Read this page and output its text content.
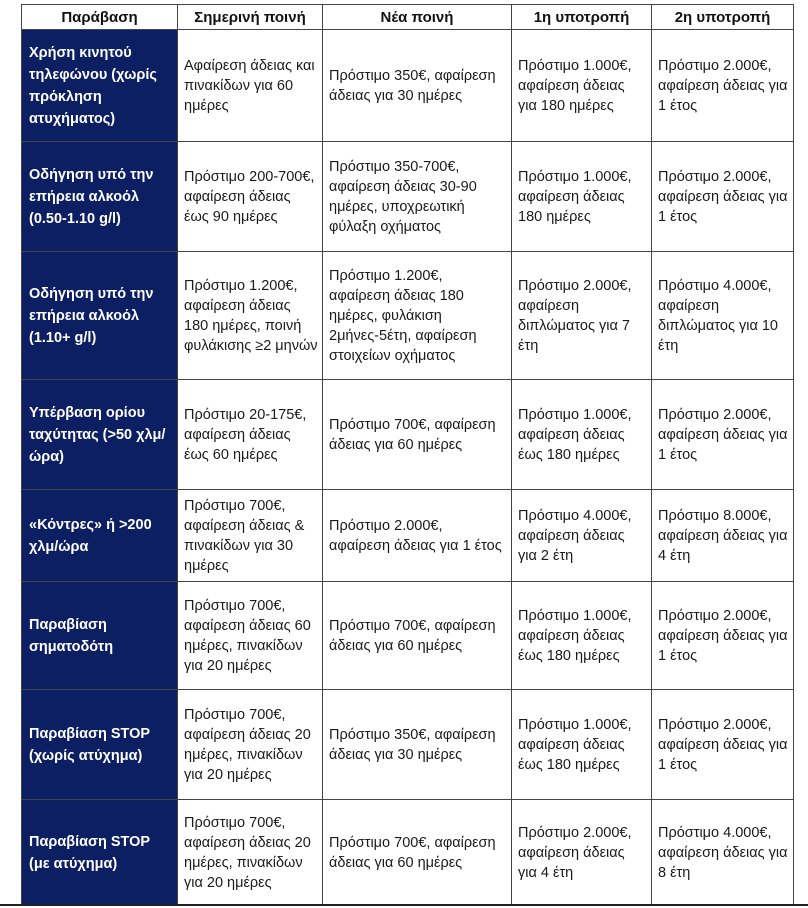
Παράβαση	Σημερινή ποινή	Νέα ποινή	1η υποτροπή	2η υποτροπή
Χρήση κινητού τηλεφώνου (χωρίς πρόκληση ατυχήματος)	Αφαίρεση άδειας και πινακίδων για 60 ημέρες	Πρόστιμο 350€, αφαίρεση άδειας για 30 ημέρες	Πρόστιμο 1.000€, αφαίρεση άδειας για 180 ημέρες	Πρόστιμο 2.000€, αφαίρεση άδειας για 1 έτος
Οδήγηση υπό την επήρεια αλκοόλ (0.50-1.10 g/l)	Πρόστιμο 200-700€, αφαίρεση άδειας έως 90 ημέρες	Πρόστιμο 350-700€, αφαίρεση άδειας 30-90 ημέρες, υποχρεωτική φύλαξη οχήματος	Πρόστιμο 1.000€, αφαίρεση άδειας 180 ημέρες	Πρόστιμο 2.000€, αφαίρεση άδειας για 1 έτος
Οδήγηση υπό την επήρεια αλκοόλ (1.10+ g/l)	Πρόστιμο 1.200€, αφαίρεση άδειας 180 ημέρες, ποινή φυλάκισης ≥2 μηνών	Πρόστιμο 1.200€, αφαίρεση άδειας 180 ημέρες, φυλάκιση 2μήνες-5έτη, αφαίρεση στοιχείων οχήματος	Πρόστιμο 2.000€, αφαίρεση διπλώματος για 7 έτη	Πρόστιμο 4.000€, αφαίρεση διπλώματος για 10 έτη
Υπέρβαση ορίου ταχύτητας (>50 χλμ/ώρα)	Πρόστιμο 20-175€, αφαίρεση άδειας έως 60 ημέρες	Πρόστιμο 700€, αφαίρεση άδειας για 60 ημέρες	Πρόστιμο 1.000€, αφαίρεση άδειας έως 180 ημέρες	Πρόστιμο 2.000€, αφαίρεση άδειας για 1 έτος
«Κόντρες» ή >200 χλμ/ώρα	Πρόστιμο 700€, αφαίρεση άδειας & πινακίδων για 30 ημέρες	Πρόστιμο 2.000€, αφαίρεση άδειας για 1 έτος	Πρόστιμο 4.000€, αφαίρεση άδειας για 2 έτη	Πρόστιμο 8.000€, αφαίρεση άδειας για 4 έτη
Παραβίαση σηματοδότη	Πρόστιμο 700€, αφαίρεση άδειας 60 ημέρες, πινακίδων για 20 ημέρες	Πρόστιμο 700€, αφαίρεση άδειας για 60 ημέρες	Πρόστιμο 1.000€, αφαίρεση άδειας έως 180 ημέρες	Πρόστιμο 2.000€, αφαίρεση άδειας για 1 έτος
Παραβίαση STOP (χωρίς ατύχημα)	Πρόστιμο 700€, αφαίρεση άδειας 20 ημέρες, πινακίδων για 20 ημέρες	Πρόστιμο 350€, αφαίρεση άδειας για 30 ημέρες	Πρόστιμο 1.000€, αφαίρεση άδειας έως 180 ημέρες	Πρόστιμο 2.000€, αφαίρεση άδειας για 1 έτος
Παραβίαση STOP (με ατύχημα)	Πρόστιμο 700€, αφαίρεση άδειας 20 ημέρες, πινακίδων για 20 ημέρες	Πρόστιμο 700€, αφαίρεση άδειας για 60 ημέρες	Πρόστιμο 2.000€, αφαίρεση άδειας για 4 έτη	Πρόστιμο 4.000€, αφαίρεση άδειας για 8 έτη
